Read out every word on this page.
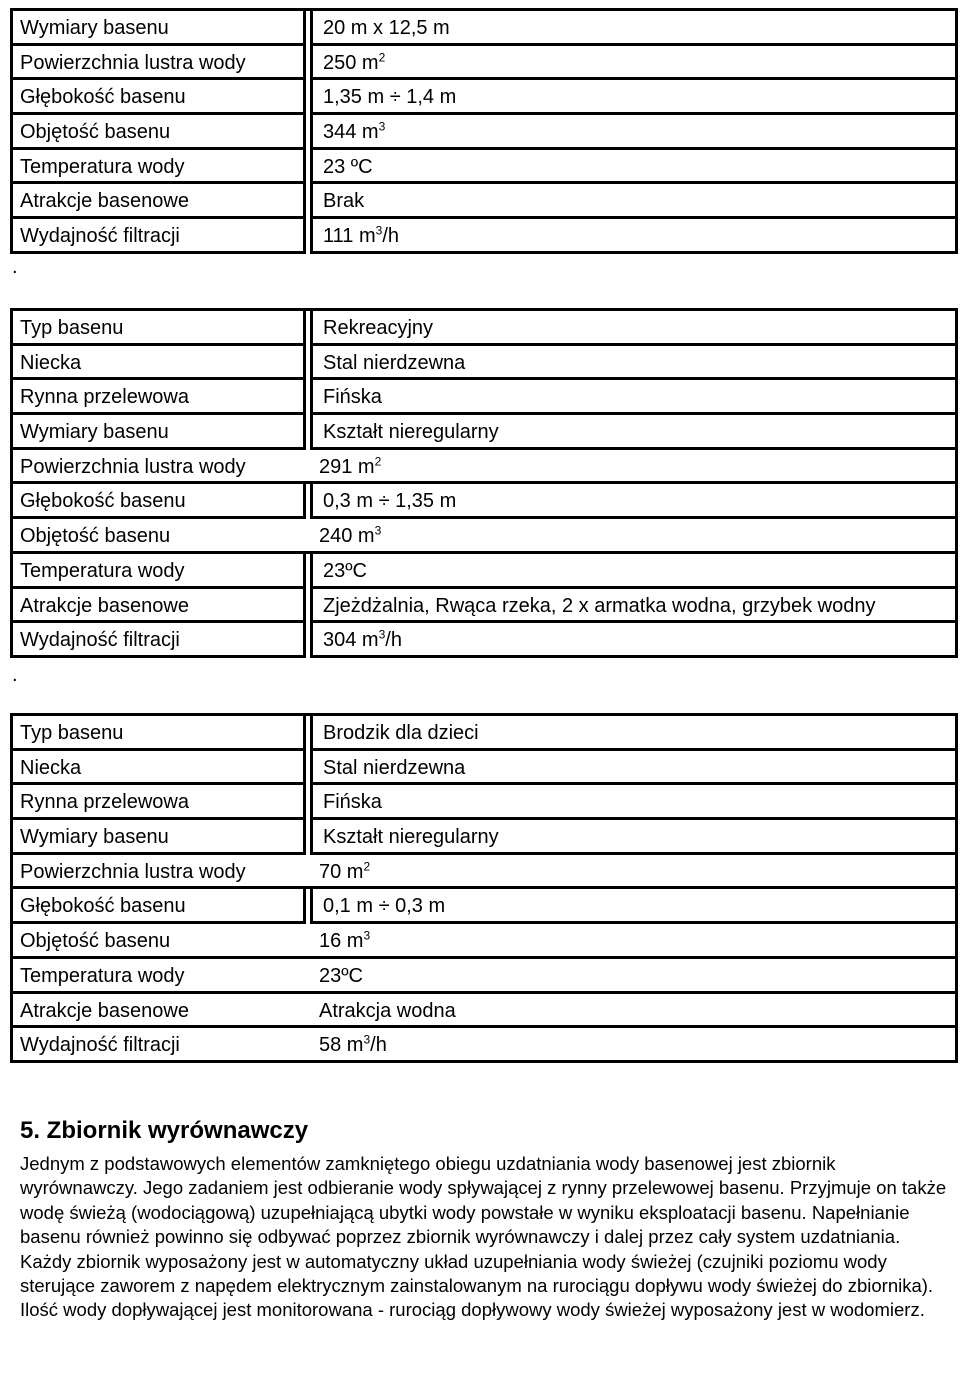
Wymiary basenu	20 m x 12,5 m
Powierzchnia lustra wody	250 $m^2$
Głębokość basenu	1,35 m ÷ 1,4 m
Objętość basenu	344 $m^3$
Temperatura wody	23 ºC
Atrakcje basenowe	Brak
Wydajność filtracji	111 $m^3/h$
.
Typ basenu	Rekreacyjny
Niecka	Stal nierdzewna
Rynna przelewowa	Fińska
Wymiary basenu	Kształt nieregularny
Powierzchnia lustra wody	291 $m^2$
Głębokość basenu	0,3 m ÷ 1,35 m
Objętość basenu	240 $m^3$
Temperatura wody	23ºC
Atrakcje basenowe	Zjeżdżalnia, Rwąca rzeka, 2 x armatka wodna, grzybek wodny
Wydajność filtracji	304 $m^3/h$
.
Typ basenu	Brodzik dla dzieci
Niecka	Stal nierdzewna
Rynna przelewowa	Fińska
Wymiary basenu	Kształt nieregularny
Powierzchnia lustra wody	70 $m^2$
Głębokość basenu	0,1 m ÷ 0,3 m
Objętość basenu	16 $m^3$
Temperatura wody	23ºC
Atrakcje basenowe	Atrakcja wodna
Wydajność filtracji	58 $m^3/h$
5. Zbiornik wyrównawczy

Jednym z podstawowych elementów zamkniętego obiegu uzdatniania wody basenowej jest zbiornik wyrównawczy. Jego zadaniem jest odbieranie wody spływającej z rynny przelewowej basenu. Przyjmuje on także wodę świeżą (wodociągową) uzupełniającą ubytki wody powstałe w wyniku eksploatacji basenu. Napełnianie basenu również powinno się odbywać poprzez zbiornik wyrównawczy i dalej przez cały system uzdatniania.

Każdy zbiornik wyposażony jest w automatyczny układ uzupełniania wody świeżej (czujniki poziomu wody sterujące zaworem z napędem elektrycznym zainstalowanym na rurociągu dopływu wody świeżej do zbiornika). Ilość wody dopływającej jest monitorowana - rurociąg dopływowy wody świeżej wyposażony jest w wodomierz.
